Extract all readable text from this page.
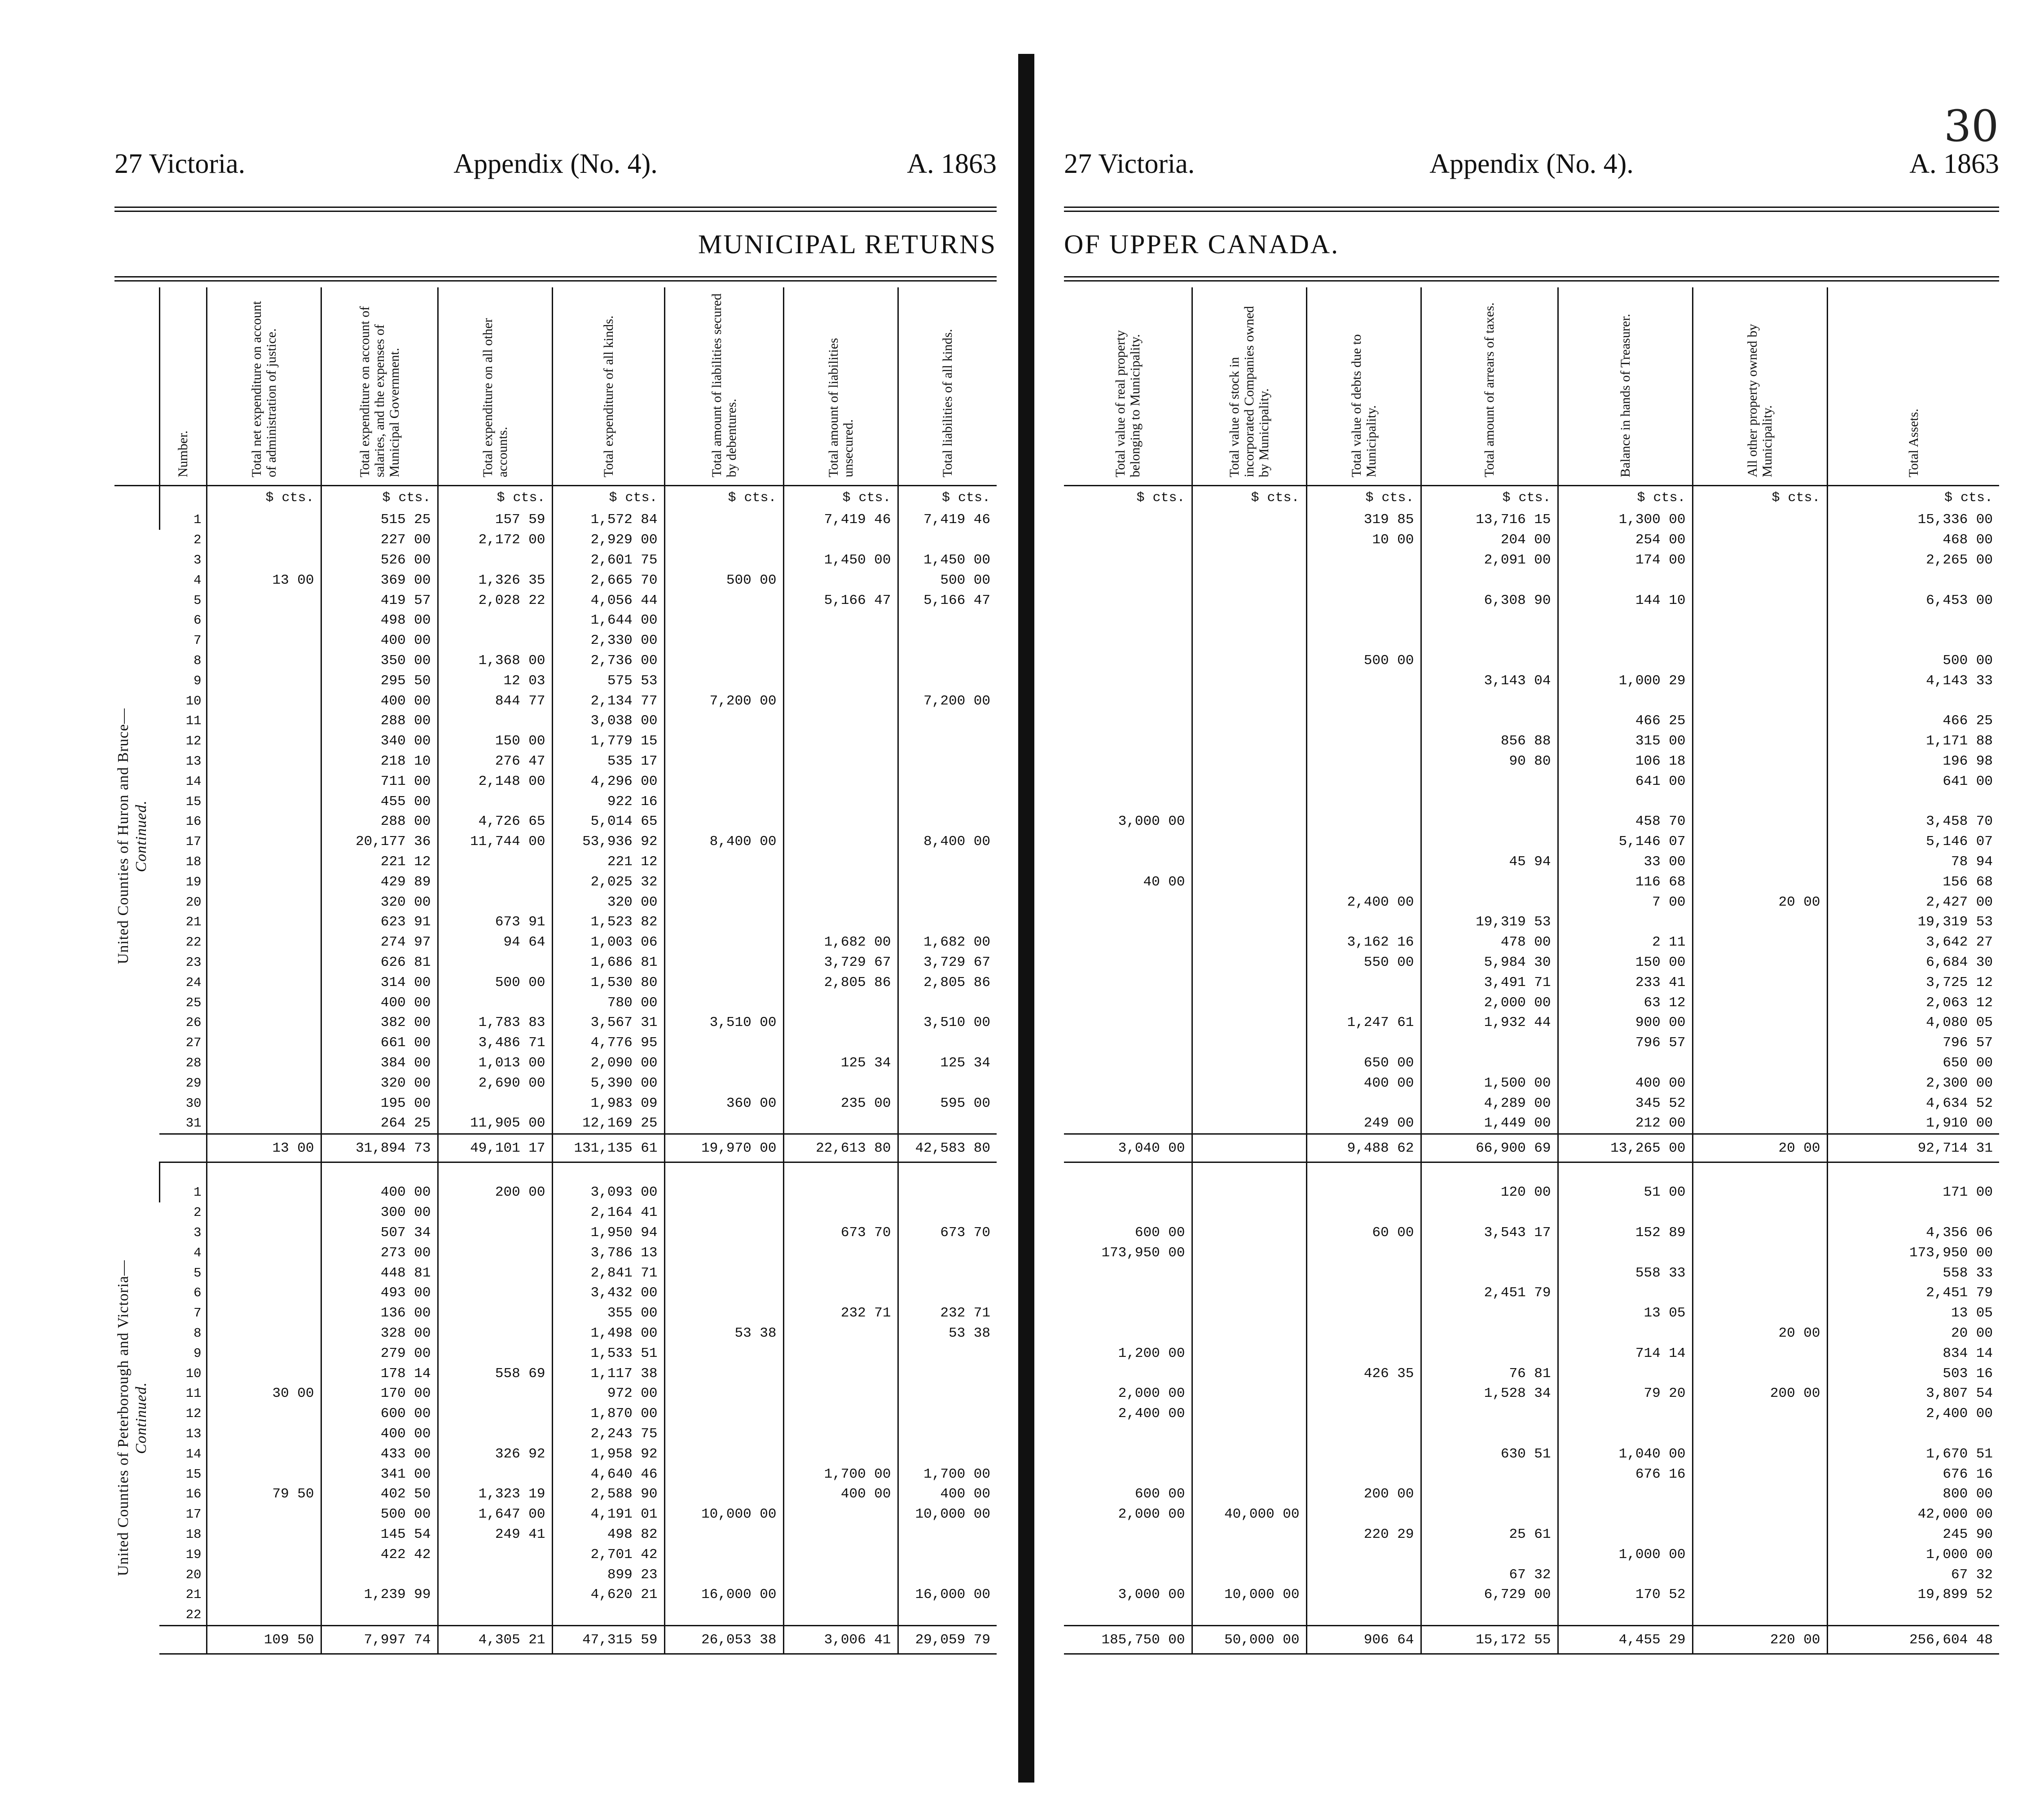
27 Victoria.	Appendix (No. 4).	A. 1863
MUNICIPAL RETURNS
	Number.	Total net expenditure on account of administration of justice.	Total expenditure on account of salaries, and the expenses of Municipal Government.	Total expenditure on all other accounts.	Total expenditure of all kinds.	Total amount of liabilities secured by debentures.	Total amount of liabilities unsecured.	Total liabilities of all kinds.
		$ cts.	$ cts.	$ cts.	$ cts.	$ cts.	$ cts.	$ cts.

United Counties of Huron and Bruce— Continued.	1		515 25	157 59	1,572 84		7,419 46	7,419 46
	2		227 00	2,172 00	2,929 00			
	3		526 00		2,601 75		1,450 00	1,450 00
	4	13 00	369 00	1,326 35	2,665 70	500 00		500 00
	5		419 57	2,028 22	4,056 44		5,166 47	5,166 47
	6		498 00		1,644 00			
	7		400 00		2,330 00			
	8		350 00	1,368 00	2,736 00			
	9		295 50	12 03	575 53			
	10		400 00	844 77	2,134 77	7,200 00		7,200 00
	11		288 00		3,038 00			
	12		340 00	150 00	1,779 15			
	13		218 10	276 47	535 17			
	14		711 00	2,148 00	4,296 00			
	15		455 00		922 16			
	16		288 00	4,726 65	5,014 65			
	17		20,177 36	11,744 00	53,936 92	8,400 00		8,400 00
	18		221 12		221 12			
	19		429 89		2,025 32			
	20		320 00		320 00			
	21		623 91	673 91	1,523 82			
	22		274 97	94 64	1,003 06		1,682 00	1,682 00
	23		626 81		1,686 81		3,729 67	3,729 67
	24		314 00	500 00	1,530 80		2,805 86	2,805 86
	25		400 00		780 00			
	26		382 00	1,783 83	3,567 31	3,510 00		3,510 00
	27		661 00	3,486 71	4,776 95			
	28		384 00	1,013 00	2,090 00		125 34	125 34
	29		320 00	2,690 00	5,390 00			
	30		195 00		1,983 09	360 00	235 00	595 00
	31		264 25	11,905 00	12,169 25			
		13 00	31,894 73	49,101 17	131,135 61	19,970 00	22,613 80	42,583 80

United Counties of Peterborough and Victoria— Continued.	1		400 00	200 00	3,093 00			
	2		300 00		2,164 41			
	3		507 34		1,950 94		673 70	673 70
	4		273 00		3,786 13			
	5		448 81		2,841 71			
	6		493 00		3,432 00			
	7		136 00		355 00		232 71	232 71
	8		328 00		1,498 00	53 38		53 38
	9		279 00		1,533 51			
	10		178 14	558 69	1,117 38			
	11	30 00	170 00		972 00			
	12		600 00		1,870 00			
	13		400 00		2,243 75			
	14		433 00	326 92	1,958 92			
	15		341 00		4,640 46		1,700 00	1,700 00
	16	79 50	402 50	1,323 19	2,588 90		400 00	400 00
	17		500 00	1,647 00	4,191 01	10,000 00		10,000 00
	18		145 54	249 41	498 82			
	19		422 42		2,701 42			
	20				899 23			
	21		1,239 99		4,620 21	16,000 00		16,000 00
	22							
		109 50	7,997 74	4,305 21	47,315 59	26,053 38	3,006 41	29,059 79
30
27 Victoria.	Appendix (No. 4).	A. 1863
OF UPPER CANADA.
Total value of real property belonging to Municipality.	Total value of stock in incorporated Companies owned by Municipality.	Total value of debts due to Municipality.	Total amount of arrears of taxes.	Balance in hands of Treasurer.	All other property owned by Municipality.	Total Assets.
$ cts.	$ cts.	$ cts.	$ cts.	$ cts.	$ cts.	$ cts.
		319 85	13,716 15	1,300 00		15,336 00
		10 00	204 00	254 00		468 00
			2,091 00	174 00		2,265 00

			6,308 90	144 10		6,453 00

		500 00				500 00
			3,143 04	1,000 29		4,143 33

				466 25		466 25
			856 88	315 00		1,171 88
			90 80	106 18		196 98
				641 00		641 00

3,000 00				458 70		3,458 70
				5,146 07		5,146 07
			45 94	33 00		78 94
40 00				116 68		156 68
		2,400 00		7 00	20 00	2,427 00
			19,319 53			19,319 53
		3,162 16	478 00	2 11		3,642 27
		550 00	5,984 30	150 00		6,684 30
			3,491 71	233 41		3,725 12
			2,000 00	63 12		2,063 12
		1,247 61	1,932 44	900 00		4,080 05
				796 57		796 57
		650 00				650 00
		400 00	1,500 00	400 00		2,300 00
			4,289 00	345 52		4,634 52
		249 00	1,449 00	212 00		1,910 00
3,040 00		9,488 62	66,900 69	13,265 00	20 00	92,714 31

			120 00	51 00		171 00

600 00		60 00	3,543 17	152 89		4,356 06
173,950 00						173,950 00
				558 33		558 33
			2,451 79			2,451 79
				13 05		13 05
					20 00	20 00
1,200 00				714 14		834 14
		426 35	76 81			503 16
2,000 00			1,528 34	79 20	200 00	3,807 54
2,400 00						2,400 00

			630 51	1,040 00		1,670 51
				676 16		676 16
600 00		200 00				800 00
2,000 00	40,000 00					42,000 00
		220 29	25 61			245 90
				1,000 00		1,000 00
			67 32			67 32
3,000 00	10,000 00		6,729 00	170 52		19,899 52

185,750 00	50,000 00	906 64	15,172 55	4,455 29	220 00	256,604 48
